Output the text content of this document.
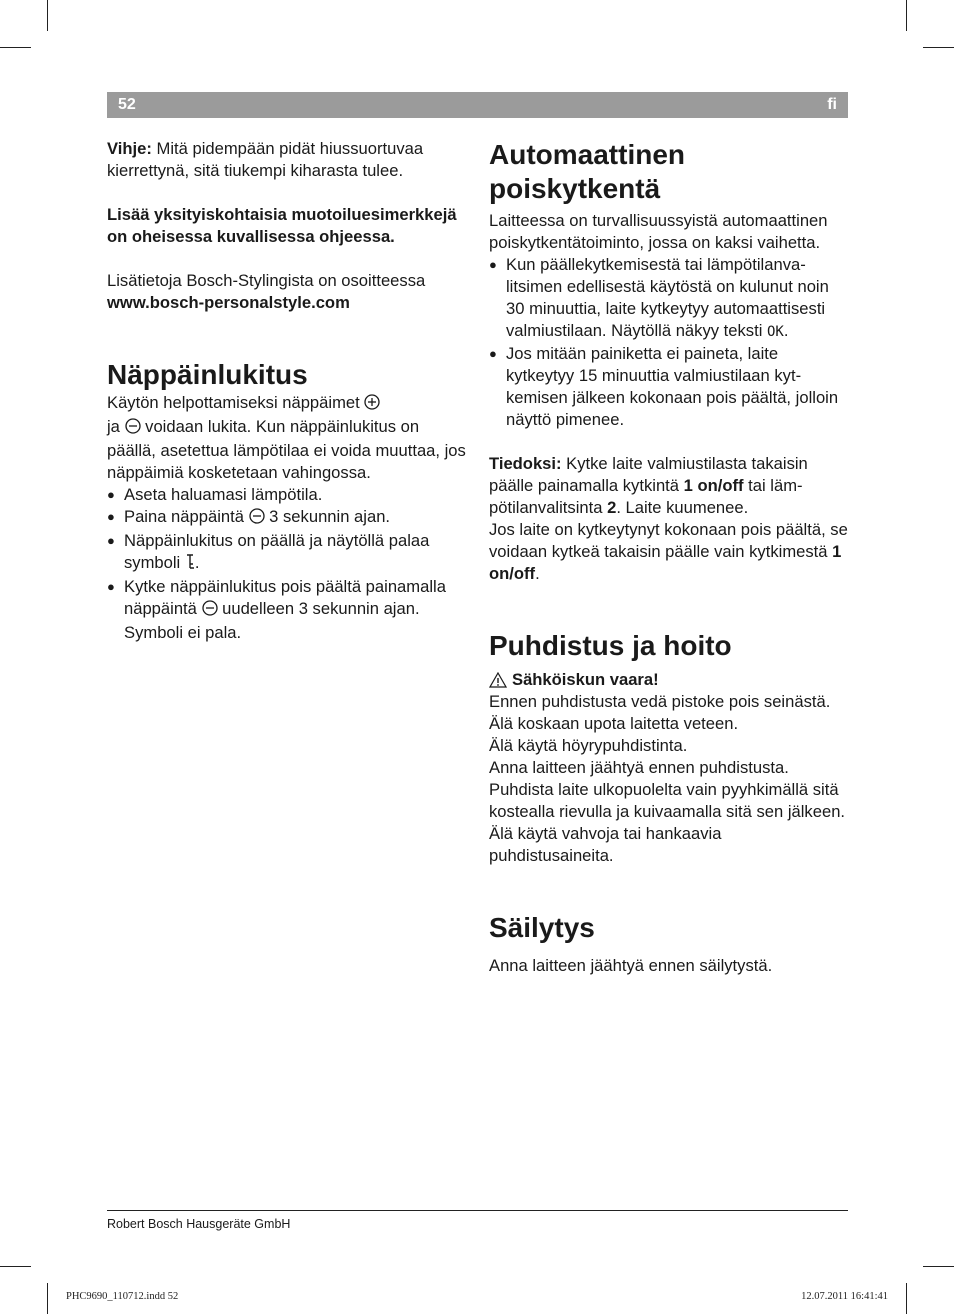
52	fi

Vihje: Mitä pidempään pidät hiussuortuvaa kierrettynä, sitä tiukempi kiharasta tulee.

Lisää yksityiskohtaisia muotoiluesimerkkejä on oheisessa kuvallisessa ohjeessa.

Lisätietoja Bosch-Stylingista on osoitteessa
www.bosch-personalstyle.com

Näppäinlukitus

Käytön helpottamiseksi näppäimet
ja  voidaan lukita. Kun näppäinlukitus on päällä, asetettua lämpötilaa ei voida muuttaa, jos näppäimiä kosketetaan vahingossa.

● Aseta haluamasi lämpötila.
● Paina näppäintä  3 sekunnin ajan.
● Näppäinlukitus on päällä ja näytöllä palaa symboli .
● Kytke näppäinlukitus pois päältä painamalla näppäintä  uudelleen 3 sekunnin ajan. Symboli ei pala.
Automaattinen poiskytkentä

Laitteessa on turvallisuussyistä automaattinen poiskytkentätoiminto, jossa on kaksi vaihetta.

● Kun päällekytkemisestä tai lämpötilanvalitsimen edellisestä käytöstä on kulunut noin 30 minuuttia, laite kytkeytyy automaattisesti valmiustilaan. Näytöllä näkyy teksti OK.
● Jos mitään painiketta ei paineta, laite kytkeytyy 15 minuuttia valmiustilaan kytkemisen jälkeen kokonaan pois päältä, jolloin näyttö pimenee.

Tiedoksi: Kytke laite valmiustilasta takaisin päälle painamalla kytkintä 1 on/off tai lämpötilanvalitsinta 2. Laite kuumenee.
Jos laite on kytkeytynyt kokonaan pois päältä, se voidaan kytkeä takaisin päälle vain kytkimestä 1 on/off.

Puhdistus ja hoito

Sähköiskun vaara!

Ennen puhdistusta vedä pistoke pois seinästä.

Älä koskaan upota laitetta veteen.

Älä käytä höyrypuhdistinta.

Anna laitteen jäähtyä ennen puhdistusta.

Puhdista laite ulkopuolelta vain pyyhkimällä sitä kostealla rievulla ja kuivaamalla sitä sen jälkeen. Älä käytä vahvoja tai hankaavia puhdistusaineita.

Säilytys

Anna laitteen jäähtyä ennen säilytystä.

Robert Bosch Hausgeräte GmbH
PHC9690_110712.indd 52	12.07.2011 16:41:41
